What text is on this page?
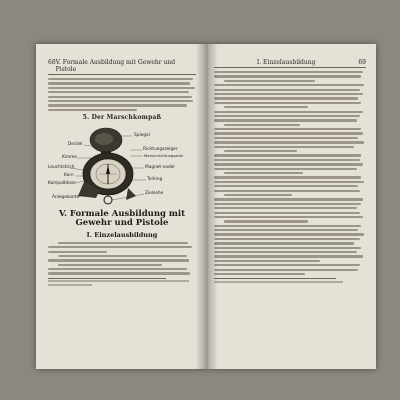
68 V. Formale Ausbildung mit Gewehr und Pistole
5. Der Marschkompaß
Deckel
Spiegel
Kimme
Richtungszeiger
Marschrichtungszahl
Leuchtstrich
Korn
Kompaßdose
Magnet-nadel
Teilring
Anlegekante
Zielsehe
V. Formale Ausbildung mit Gewehr und Pistole
I. Einzelausbildung
I. Einzelausbildung	69
